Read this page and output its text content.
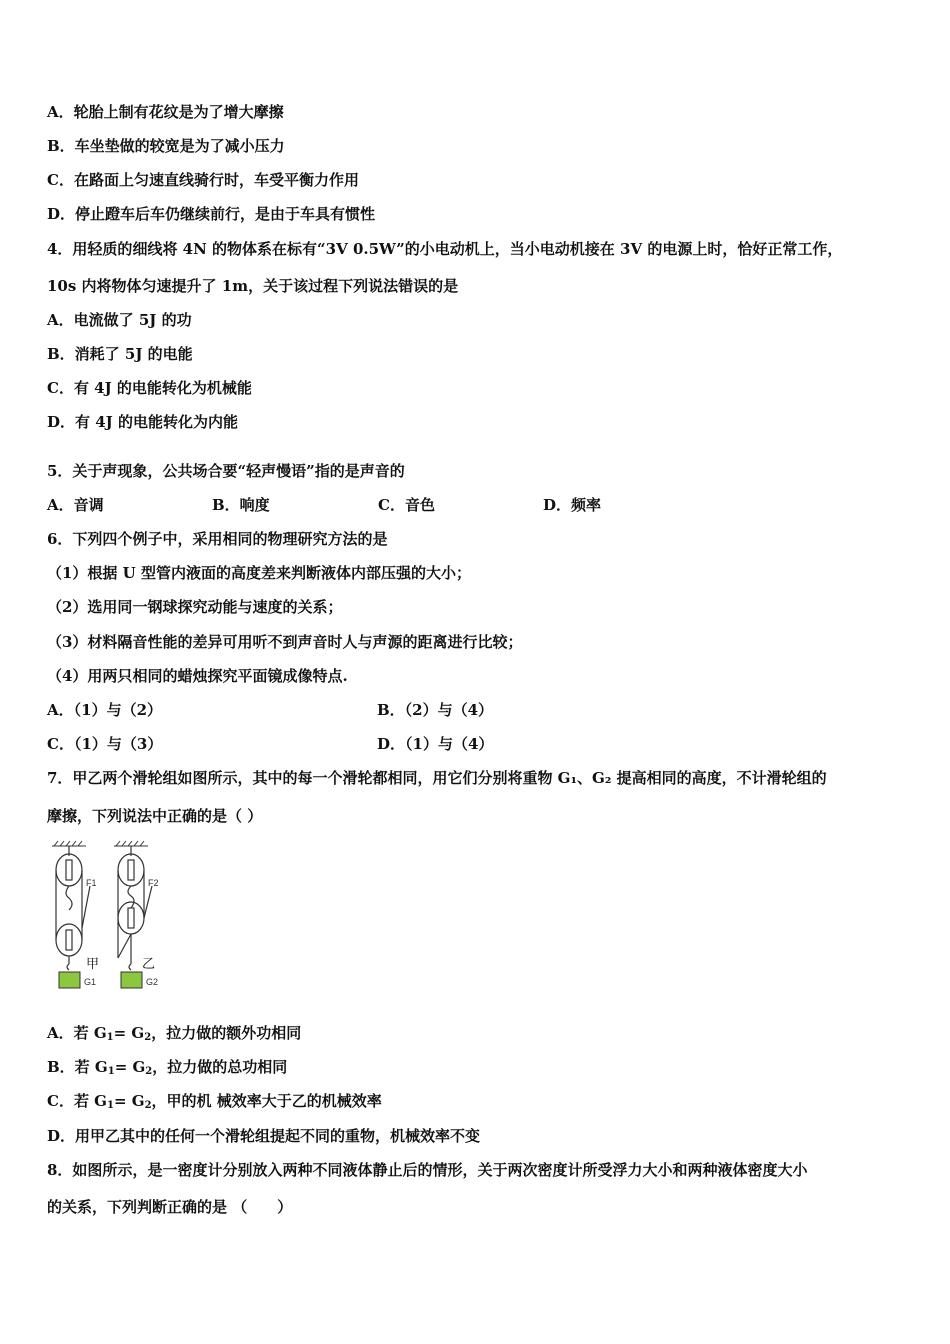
A．轮胎上制有花纹是为了增大摩擦
B．车坐垫做的较宽是为了减小压力
C．在路面上匀速直线骑行时，车受平衡力作用
D．停止蹬车后车仍继续前行，是由于车具有惯性
4．用轻质的细线将 4N 的物体系在标有“3V 0.5W”的小电动机上，当小电动机接在 3V 的电源上时，恰好正常工作，
10s 内将物体匀速提升了 1m，关于该过程下列说法错误的是
A．电流做了 5J 的功
B．消耗了 5J 的电能
C．有 4J 的电能转化为机械能
D．有 4J 的电能转化为内能
5．关于声现象，公共场合要“轻声慢语”指的是声音的
A．音调	B．响度	C．音色	D．频率
6．下列四个例子中，采用相同的物理研究方法的是
（1）根据 U 型管内液面的高度差来判断液体内部压强的大小；
（2）选用同一钢球探究动能与速度的关系；
（3）材料隔音性能的差异可用听不到声音时人与声源的距离进行比较；
（4）用两只相同的蜡烛探究平面镜成像特点.
A．（1）与（2）	B．（2）与（4）
C．（1）与（3）	D．（1）与（4）
7．甲乙两个滑轮组如图所示，其中的每一个滑轮都相同，用它们分别将重物 G₁、G₂ 提高相同的高度，不计滑轮组的
摩擦，下列说法中正确的是（ ）
F1
甲
G1
F2
乙
G2
A．若 $G_1= G_2$，拉力做的额外功相同
B．若 $G_1= G_2$，拉力做的总功相同
C．若 $G_1= G_2$，甲的机 械效率大于乙的机械效率
D．用甲乙其中的任何一个滑轮组提起不同的重物，机械效率不变
8．如图所示，是一密度计分别放入两种不同液体静止后的情形，关于两次密度计所受浮力大小和两种液体密度大小
的关系，下列判断正确的是 （　　）
